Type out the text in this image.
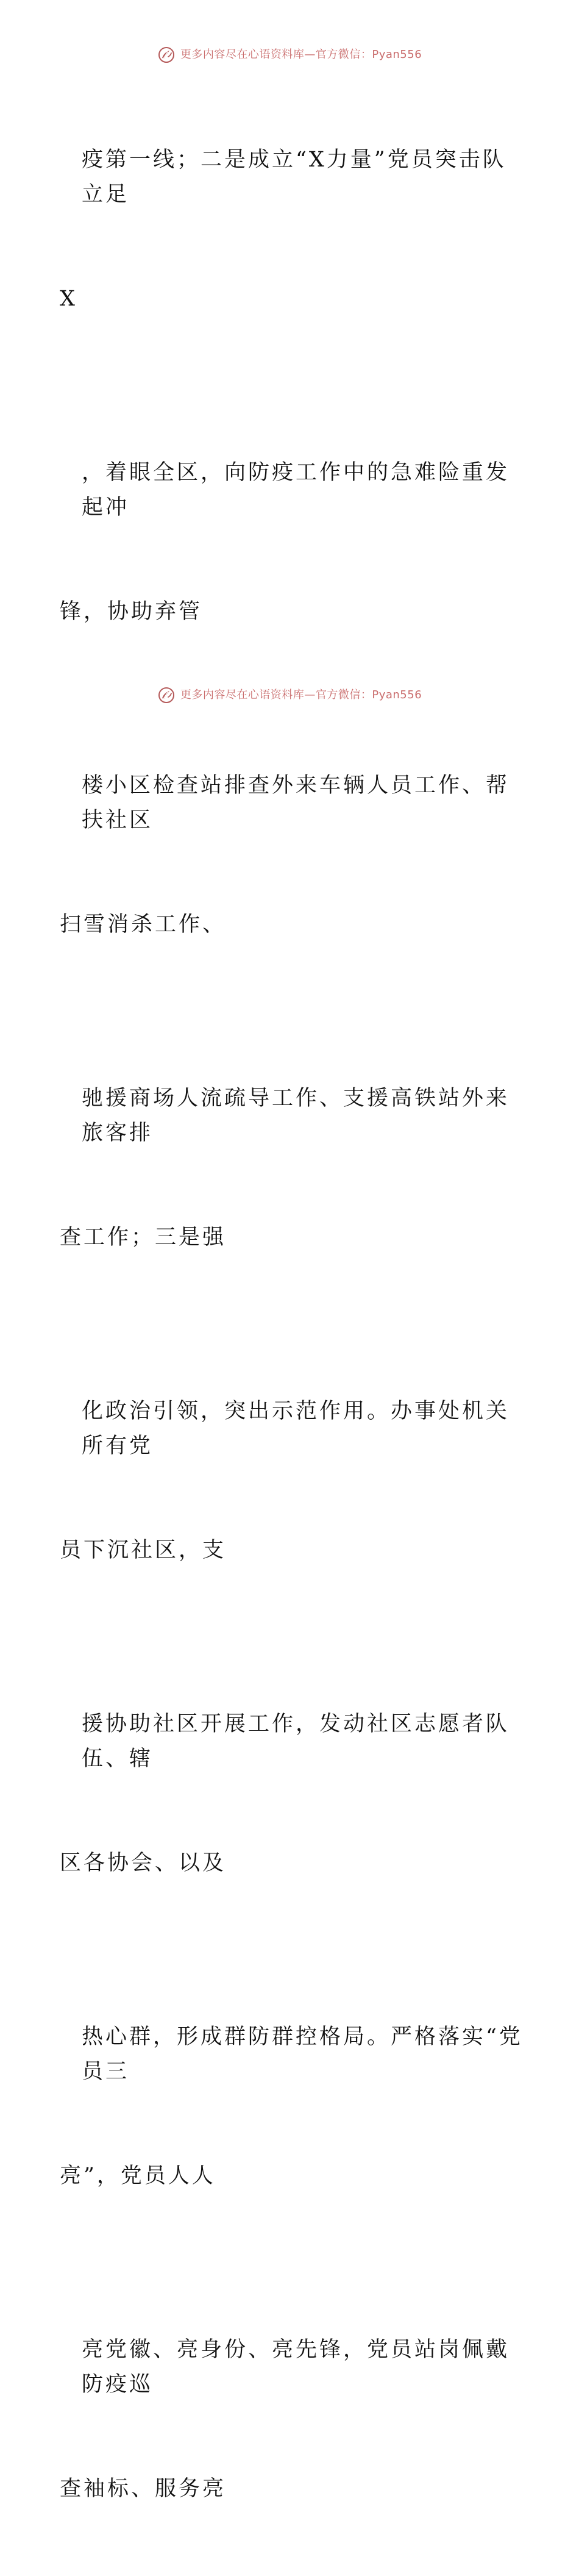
更多内容尽在心语资料库—官方微信：Pyan556

疫第一线；二是成立“X力量”党员突击队立足

X

，着眼全区，向防疫工作中的急难险重发起冲

锋，协助弃管

楼小区检查站排查外来车辆人员工作、帮扶社区

扫雪消杀工作、

驰援商场人流疏导工作、支援高铁站外来旅客排

查工作；三是强

化政治引领，突出示范作用。办事处机关所有党

员下沉社区，支

援协助社区开展工作，发动社区志愿者队伍、辖

区各协会、以及

热心群，形成群防群控格局。严格落实“党员三

亮”，党员人人

亮党徽、亮身份、亮先锋，党员站岗佩戴防疫巡

查袖标、服务亮

更多内容尽在心语资料库—官方微信：Pyan556
